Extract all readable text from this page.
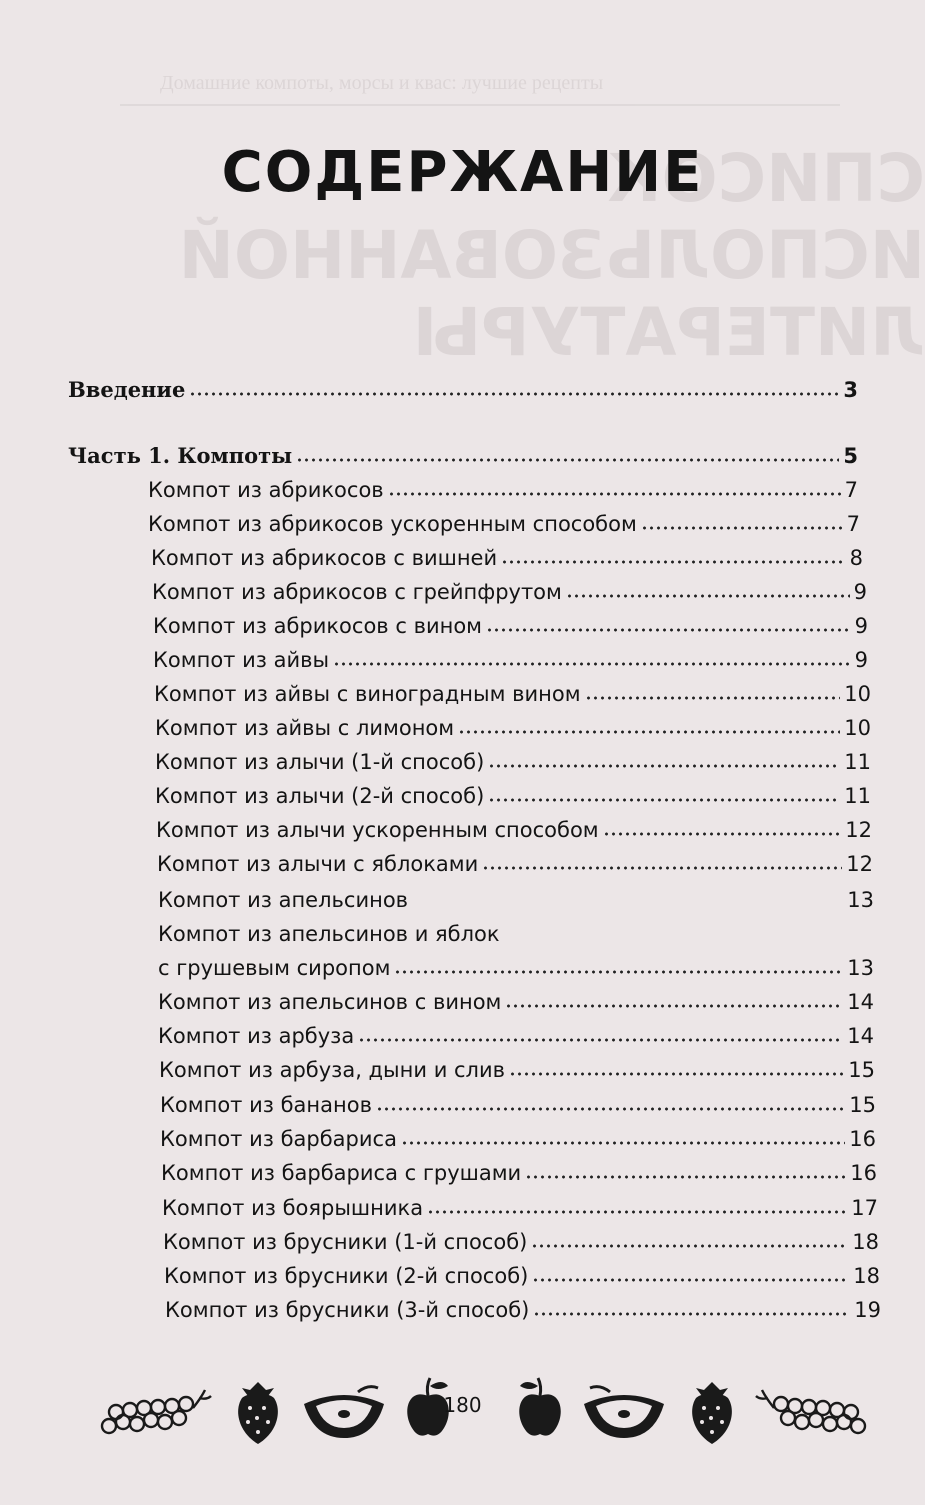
Домашние компоты, морсы и квас: лучшие рецепты
СПИСОК ИСПОЛЬЗОВАННОЙ ЛИТЕРАТУРЫ
СОДЕРЖАНИЕ
Введение	3
Часть 1. Компоты	5
Компот из абрикосов	7
Компот из абрикосов ускоренным способом	7
Компот из абрикосов с вишней	8
Компот из абрикосов с грейпфрутом	9
Компот из абрикосов с вином	9
Компот из айвы	9
Компот из айвы с виноградным вином	10
Компот из айвы с лимоном	10
Компот из алычи (1-й способ)	11
Компот из алычи (2-й способ)	11
Компот из алычи ускоренным способом	12
Компот из алычи с яблоками	12
Компот из апельсинов	13
Компот из апельсинов и яблок
с грушевым сиропом	13
Компот из апельсинов с вином	14
Компот из арбуза	14
Компот из арбуза, дыни и слив	15
Компот из бананов	15
Компот из барбариса	16
Компот из барбариса с грушами	16
Компот из боярышника	17
Компот из брусники (1-й способ)	18
Компот из брусники (2-й способ)	18
Компот из брусники (3-й способ)	19
180
